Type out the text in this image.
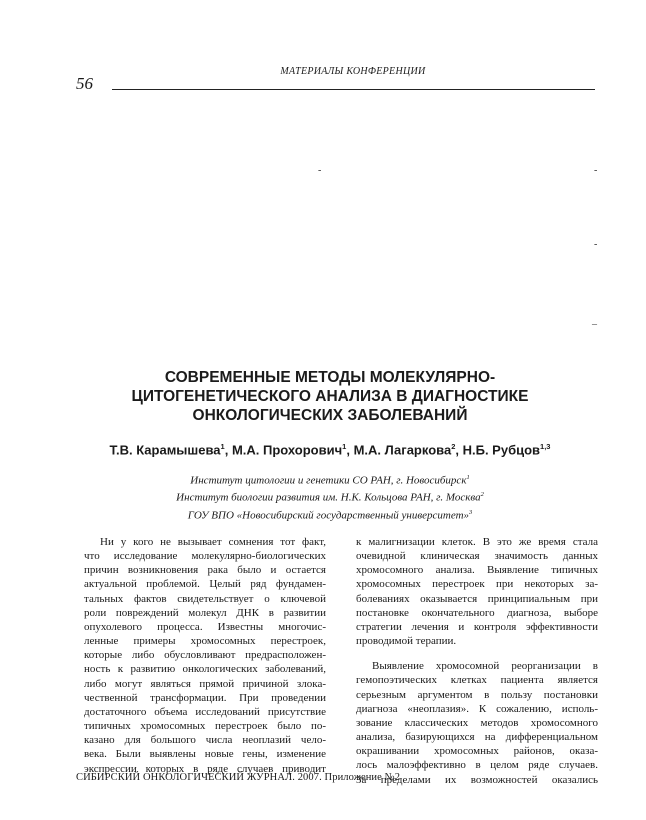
МАТЕРИАЛЫ КОНФЕРЕНЦИИ
56
-	-
-
–
СОВРЕМЕННЫЕ МЕТОДЫ МОЛЕКУЛЯРНО-
ЦИТОГЕНЕТИЧЕСКОГО АНАЛИЗА В ДИАГНОСТИКЕ
ОНКОЛОГИЧЕСКИХ ЗАБОЛЕВАНИЙ
Т.В. Карамышева$^1$, М.А. Прохорович$^1$, М.А. Лагаркова$^2$, Н.Б. Рубцов$^{1,3}$
Институт цитологии и генетики СО РАН, г. Новосибирск$^1$
Институт биологии развития им. Н.К. Кольцова РАН, г. Москва$^2$
ГОУ ВПО «Новосибирский государственный университет»$^3$
Ни у кого не вызывает сомнения тот факт,
что исследование молекулярно-биологических
причин возникновения рака было и остается
актуальной проблемой. Целый ряд фундамен-
тальных фактов свидетельствует о ключевой
роли повреждений молекул ДНК в развитии
опухолевого процесса. Известны многочис-
ленные примеры хромосомных перестроек,
которые либо обусловливают предрасположен-
ность к развитию онкологических заболеваний,
либо могут являться прямой причиной злока-
чественной трансформации. При проведении
достаточного объема исследований присутствие
типичных хромосомных перестроек было по-
казано для большого числа неоплазий чело-
века. Были выявлены новые гены, изменение
экспрессии которых в ряде случаев приводит
к малигнизации клеток. В это же время стала
очевидной клиническая значимость данных
хромосомного анализа. Выявление типичных
хромосомных перестроек при некоторых за-
болеваниях оказывается принципиальным при
постановке окончательного диагноза, выборе
стратегии лечения и контроля эффективности
проводимой терапии.
Выявление хромосомной реорганизации в
гемопоэтических клетках пациента является
серьезным аргументом в пользу постановки
диагноза «неоплазия». К сожалению, исполь-
зование классических методов хромосомного
анализа, базирующихся на дифференциальном
окрашивании хромосомных районов, оказа-
лось малоэффективно в целом ряде случаев.
За пределами их возможностей оказались
СИБИРСКИЙ ОНКОЛОГИЧЕСКИЙ ЖУРНАЛ. 2007. Приложение №2
